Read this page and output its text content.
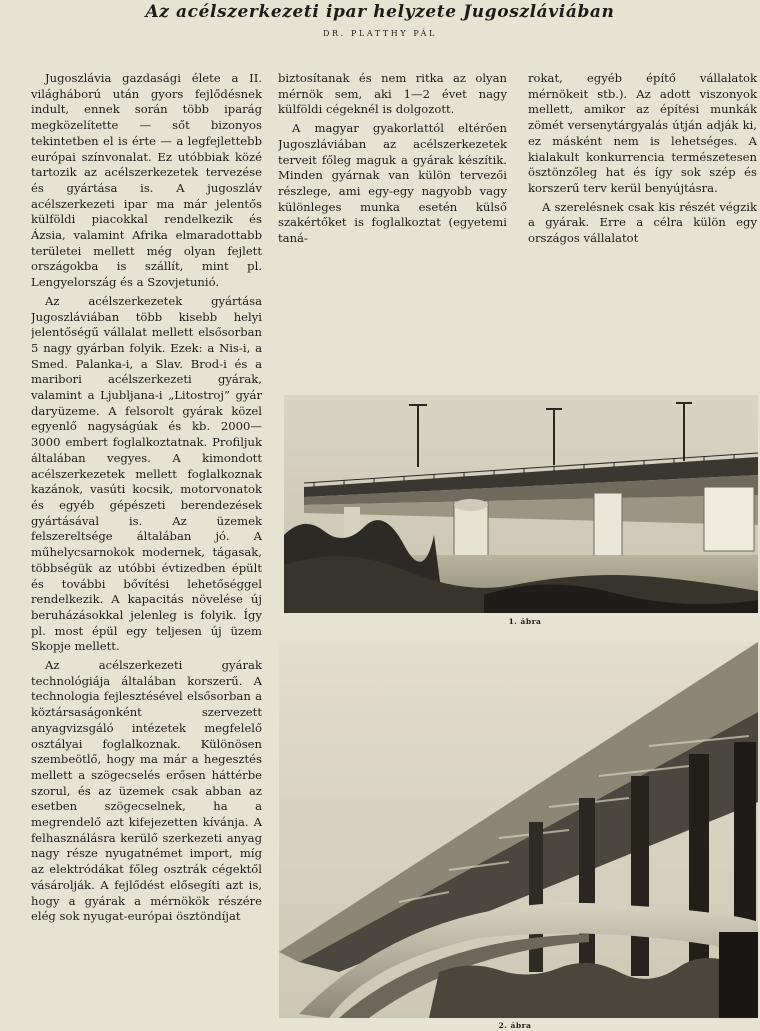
Az acélszerkezeti ipar helyzete Jugoszláviában
DR. PLATTHY PÁL

Jugoszlávia gazdasági élete a II. világháború után gyors fejlődésnek indult, ennek során több iparág megközelítette — sőt bizonyos tekintetben el is érte — a legfejlettebb európai színvonalat. Ez utóbbiak közé tartozik az acélszerkezetek tervezése és gyártása is. A jugoszláv acélszerkezeti ipar ma már jelentős külföldi piacokkal rendelkezik és Ázsia, valamint Afrika elmaradottabb területei mellett még olyan fejlett országokba is szállít, mint pl. Lengyelország és a Szovjetunió.

Az acélszerkezetek gyártása Jugoszláviában több kisebb helyi jelentőségű vállalat mellett elsősorban 5 nagy gyárban folyik. Ezek: a Nis-i, a Smed. Palanka-i, a Slav. Brod-i és a maribori acélszerkezeti gyárak, valamint a Ljubljana-i „Litostroj” gyár darуüzeme. A felsorolt gyárak közel egyenlő nagyságúak és kb. 2000—3000 embert foglalkoztatnak. Profiljuk általában vegyes. A kimondott acélszerkezetek mellett foglalkoznak kazánok, vasúti kocsik, motorvonatok és egyéb gépészeti berendezések gyártásával is. Az üzemek felszereltsége általában jó. A műhelycsarnokok modernek, tágasak, többségük az utóbbi évtizedben épült és további bővítési lehetőséggel rendelkezik. A kapacitás növelése új beruházásokkal jelenleg is folyik. Így pl. most épül egy teljesen új üzem Skopje mellett.

Az acélszerkezeti gyárak technológiája általában korszerű. A technologia fejlesztésével elsősorban a köztársaságonként szervezett anyagvizsgáló intézetek megfelelő osztályai foglalkoznak. Különösen szembeötlő, hogy ma már a hegesztés mellett a szögecselés erősen háttérbe szorul, és az üzemek csak abban az esetben szögecselnek, ha a megrendelő azt kifejezetten kívánja. A felhasználásra kerülő szerkezeti anyag nagy része nyugatnémet import, míg az elektródákat főleg osztrák cégektől vásárolják. A fejlődést elősegíti azt is, hogy a gyárak a mérnökök részére elég sok nyugat-európai ösztöndíjat

biztosítanak és nem ritka az olyan mérnök sem, aki 1—2 évet nagy külföldi cégeknél is dolgozott.

A magyar gyakorlattól eltérően Jugoszláviában az acélszerkezetek terveit főleg maguk a gyárak készítik. Minden gyárnak van külön tervezői részlege, ami egy-egy nagyobb vagy különleges munka esetén külső szakértőket is foglalkoztat (egyetemi taná-

rokat, egyéb építő vállalatok mérnökeit stb.). Az adott viszonyok mellett, amikor az építési munkák zömét versenytárgyalás útján adják ki, ez másként nem is lehetséges. A kialakult konkurrencia természetesen ösztönzőleg hat és így sok szép és korszerű terv kerül benyújtásra.

A szerelésnek csak kis részét végzik a gyárak. Erre a célra külön egy országos vállalatot

1. ábra
2. ábra
